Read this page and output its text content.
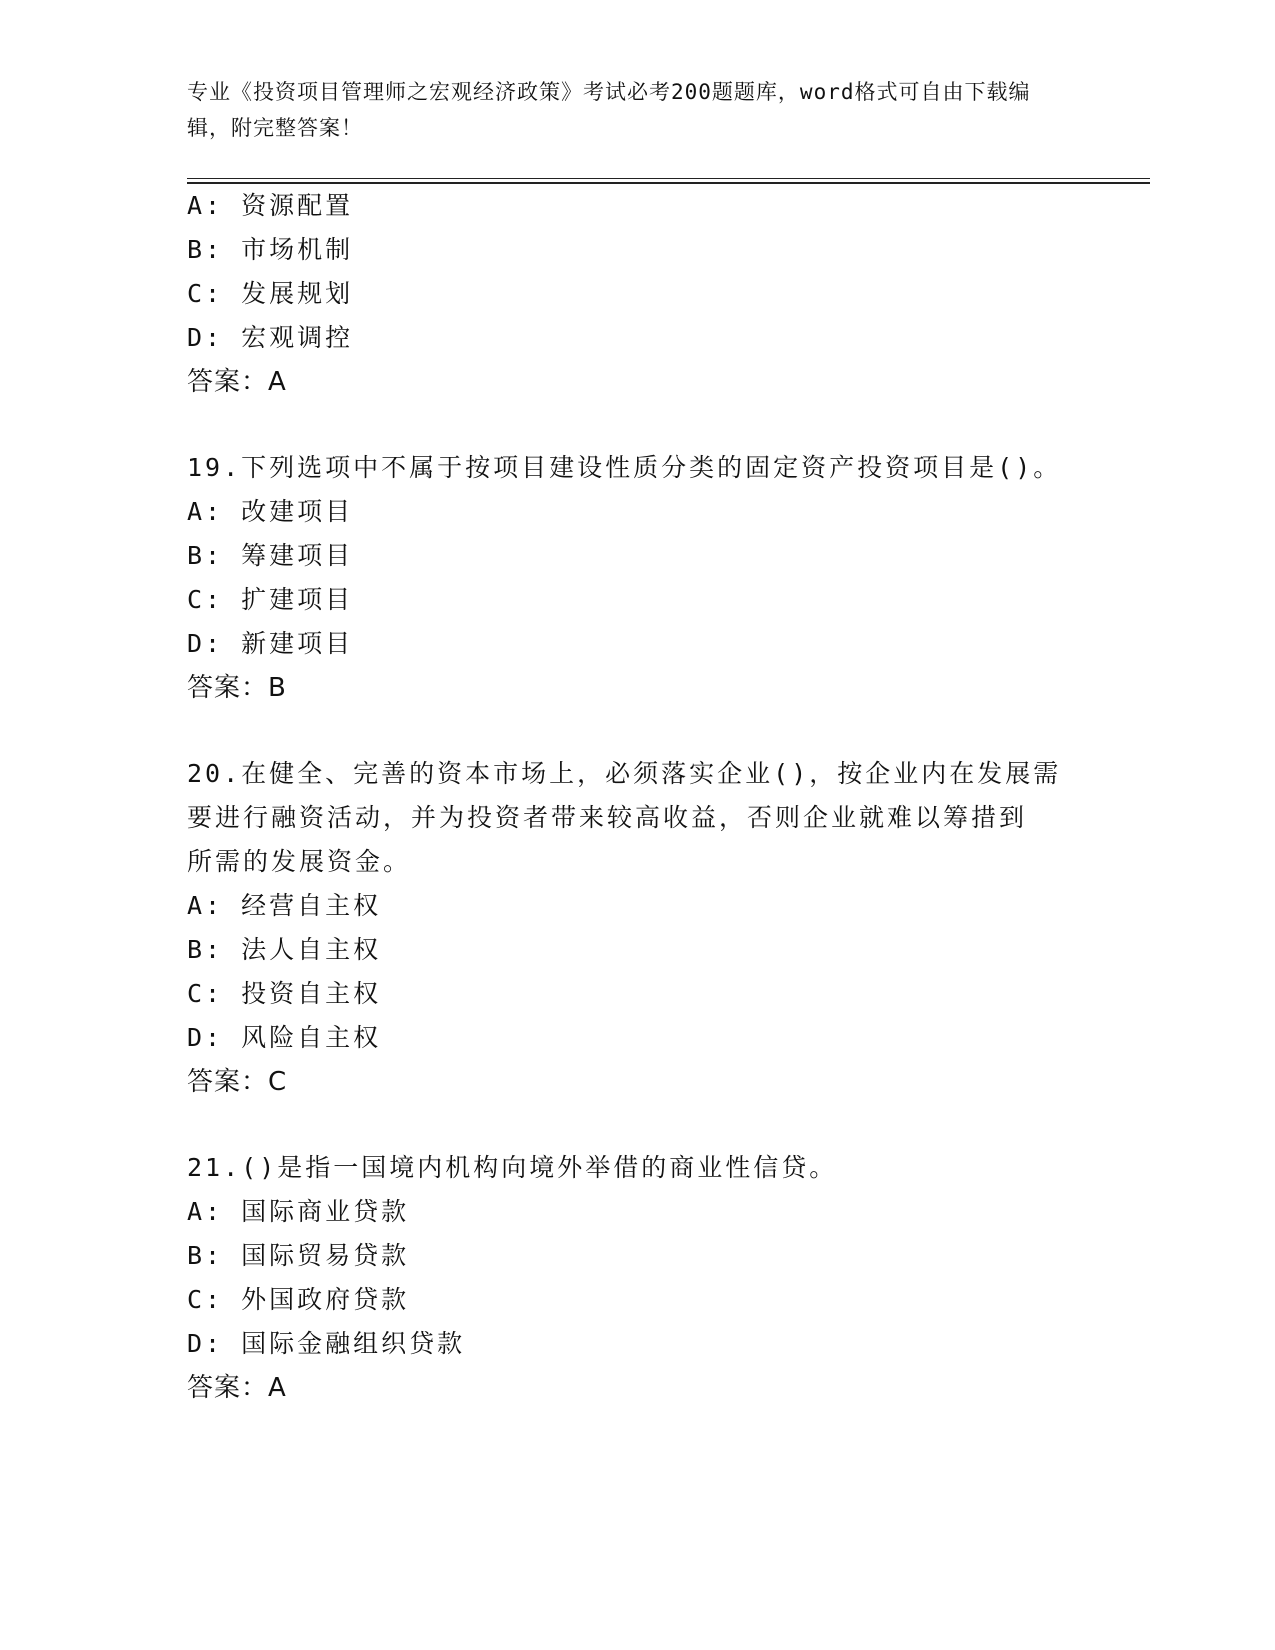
专业《投资项目管理师之宏观经济政策》考试必考200题题库，word格式可自由下载编辑，附完整答案！
A: 资源配置
B: 市场机制
C: 发展规划
D: 宏观调控
答案：A
19.下列选项中不属于按项目建设性质分类的固定资产投资项目是()。
A: 改建项目
B: 筹建项目
C: 扩建项目
D: 新建项目
答案：B
20.在健全、完善的资本市场上，必须落实企业()，按企业内在发展需
要进行融资活动，并为投资者带来较高收益，否则企业就难以筹措到
所需的发展资金。
A: 经营自主权
B: 法人自主权
C: 投资自主权
D: 风险自主权
答案：C
21.()是指一国境内机构向境外举借的商业性信贷。
A: 国际商业贷款
B: 国际贸易贷款
C: 外国政府贷款
D: 国际金融组织贷款
答案：A
